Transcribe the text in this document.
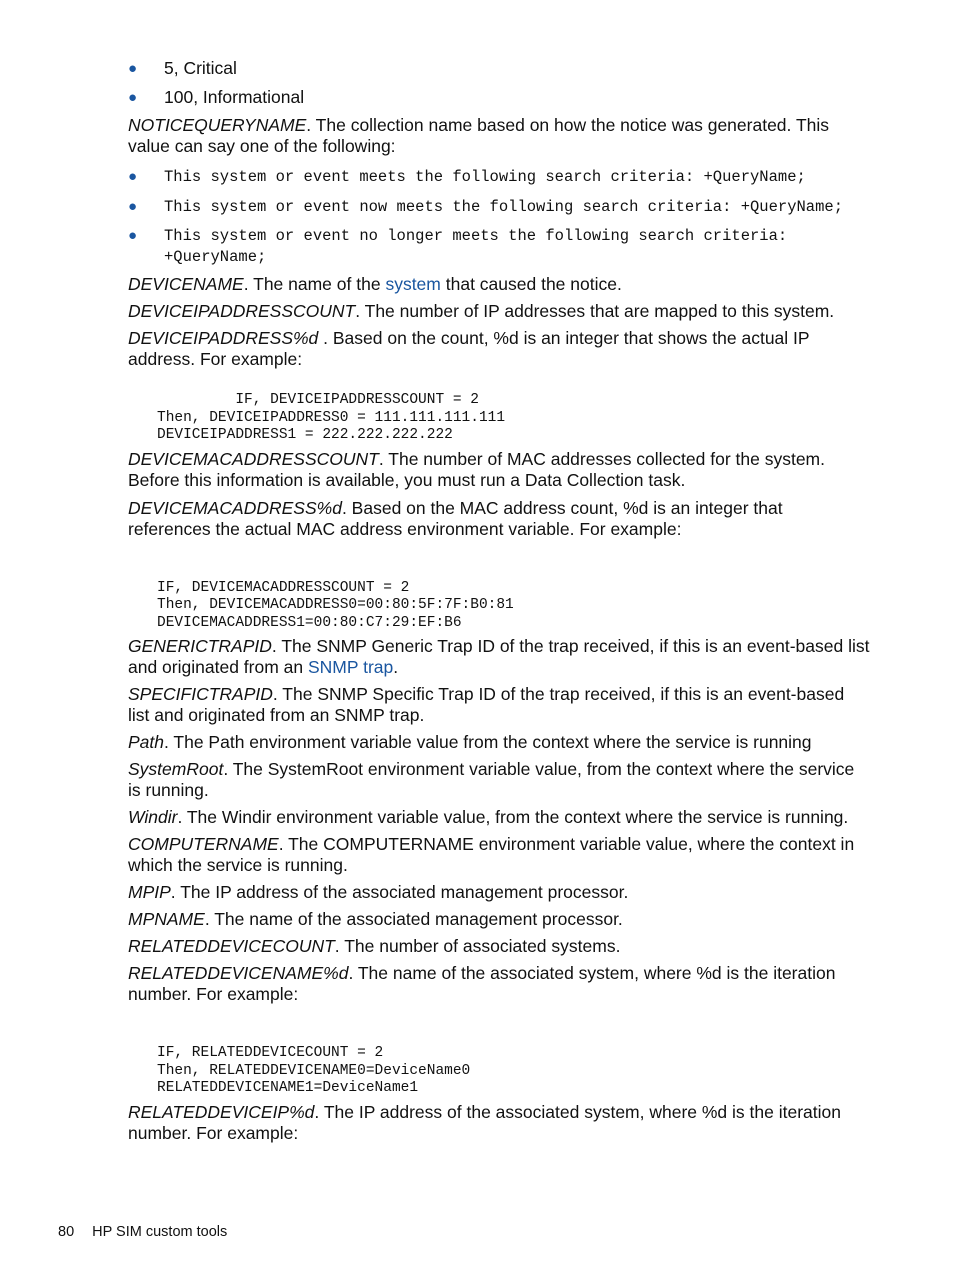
● 5, Critical
● 100, Informational

NOTICEQUERYNAME. The collection name based on how the notice was generated. This value can say one of the following:

● This system or event meets the following search criteria: +QueryName;
● This system or event now meets the following search criteria: +QueryName;
● This system or event no longer meets the following search criteria: +QueryName;

DEVICENAME. The name of the system that caused the notice.

DEVICEIPADDRESSCOUNT. The number of IP addresses that are mapped to this system.

DEVICEIPADDRESS%d . Based on the count, %d is an integer that shows the actual IP address. For example:

IF, DEVICEIPADDRESSCOUNT = 2
Then, DEVICEIPADDRESS0 = 111.111.111.111
DEVICEIPADDRESS1 = 222.222.222.222

DEVICEMACADDRESSCOUNT. The number of MAC addresses collected for the system. Before this information is available, you must run a Data Collection task.

DEVICEMACADDRESS%d. Based on the MAC address count, %d is an integer that references the actual MAC address environment variable. For example:

IF, DEVICEMACADDRESSCOUNT = 2
Then, DEVICEMACADDRESS0=00:80:5F:7F:B0:81
DEVICEMACADDRESS1=00:80:C7:29:EF:B6

GENERICTRAPID. The SNMP Generic Trap ID of the trap received, if this is an event-based list and originated from an SNMP trap.

SPECIFICTRAPID. The SNMP Specific Trap ID of the trap received, if this is an event-based list and originated from an SNMP trap.

Path. The Path environment variable value from the context where the service is running

SystemRoot. The SystemRoot environment variable value, from the context where the service is running.

Windir. The Windir environment variable value, from the context where the service is running.

COMPUTERNAME. The COMPUTERNAME environment variable value, where the context in which the service is running.

MPIP. The IP address of the associated management processor.

MPNAME. The name of the associated management processor.

RELATEDDEVICECOUNT. The number of associated systems.

RELATEDDEVICENAME%d. The name of the associated system, where %d is the iteration number. For example:

IF, RELATEDDEVICECOUNT = 2
Then, RELATEDDEVICENAME0=DeviceName0
RELATEDDEVICENAME1=DeviceName1

RELATEDDEVICEIP%d. The IP address of the associated system, where %d is the iteration number. For example:

80 HP SIM custom tools
